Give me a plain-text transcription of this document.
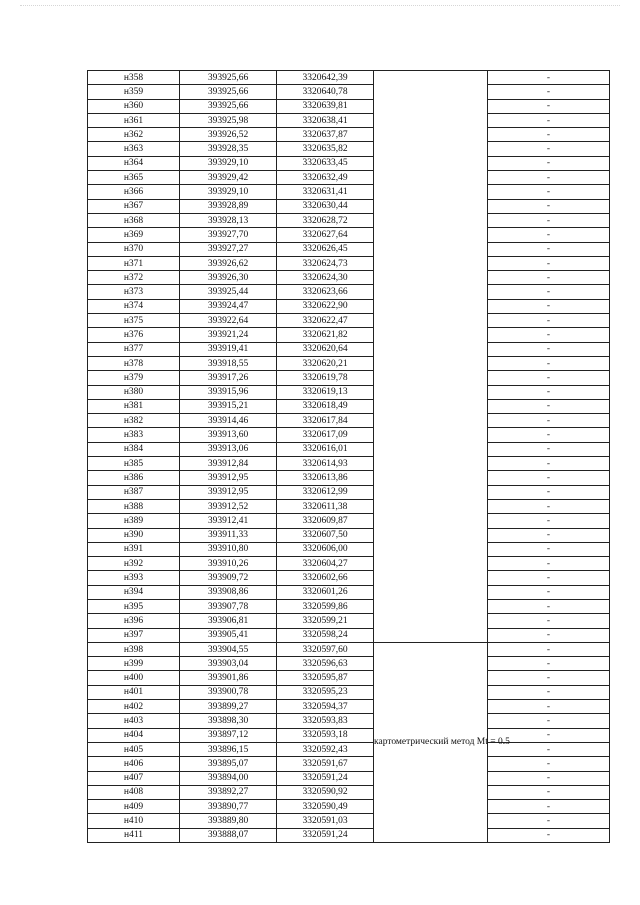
н358	393925,66	3320642,39		-
н359	393925,66	3320640,78		-
н360	393925,66	3320639,81		-
н361	393925,98	3320638,41		-
н362	393926,52	3320637,87		-
н363	393928,35	3320635,82		-
н364	393929,10	3320633,45		-
н365	393929,42	3320632,49		-
н366	393929,10	3320631,41		-
н367	393928,89	3320630,44		-
н368	393928,13	3320628,72		-
н369	393927,70	3320627,64		-
н370	393927,27	3320626,45		-
н371	393926,62	3320624,73		-
н372	393926,30	3320624,30		-
н373	393925,44	3320623,66		-
н374	393924,47	3320622,90		-
н375	393922,64	3320622,47		-
н376	393921,24	3320621,82		-
н377	393919,41	3320620,64		-
н378	393918,55	3320620,21		-
н379	393917,26	3320619,78		-
н380	393915,96	3320619,13		-
н381	393915,21	3320618,49		-
н382	393914,46	3320617,84		-
н383	393913,60	3320617,09		-
н384	393913,06	3320616,01		-
н385	393912,84	3320614,93		-
н386	393912,95	3320613,86		-
н387	393912,95	3320612,99		-
н388	393912,52	3320611,38		-
н389	393912,41	3320609,87		-
н390	393911,33	3320607,50		-
н391	393910,80	3320606,00		-
н392	393910,26	3320604,27		-
н393	393909,72	3320602,66		-
н394	393908,86	3320601,26		-
н395	393907,78	3320599,86		-
н396	393906,81	3320599,21		-
н397	393905,41	3320598,24		-
н398	393904,55	3320597,60	картометрический метод Mt = 0.5	-
н399	393903,04	3320596,63		-
н400	393901,86	3320595,87		-
н401	393900,78	3320595,23		-
н402	393899,27	3320594,37		-
н403	393898,30	3320593,83		-
н404	393897,12	3320593,18		-
н405	393896,15	3320592,43		-
н406	393895,07	3320591,67		-
н407	393894,00	3320591,24		-
н408	393892,27	3320590,92		-
н409	393890,77	3320590,49		-
н410	393889,80	3320591,03		-
н411	393888,07	3320591,24		-
